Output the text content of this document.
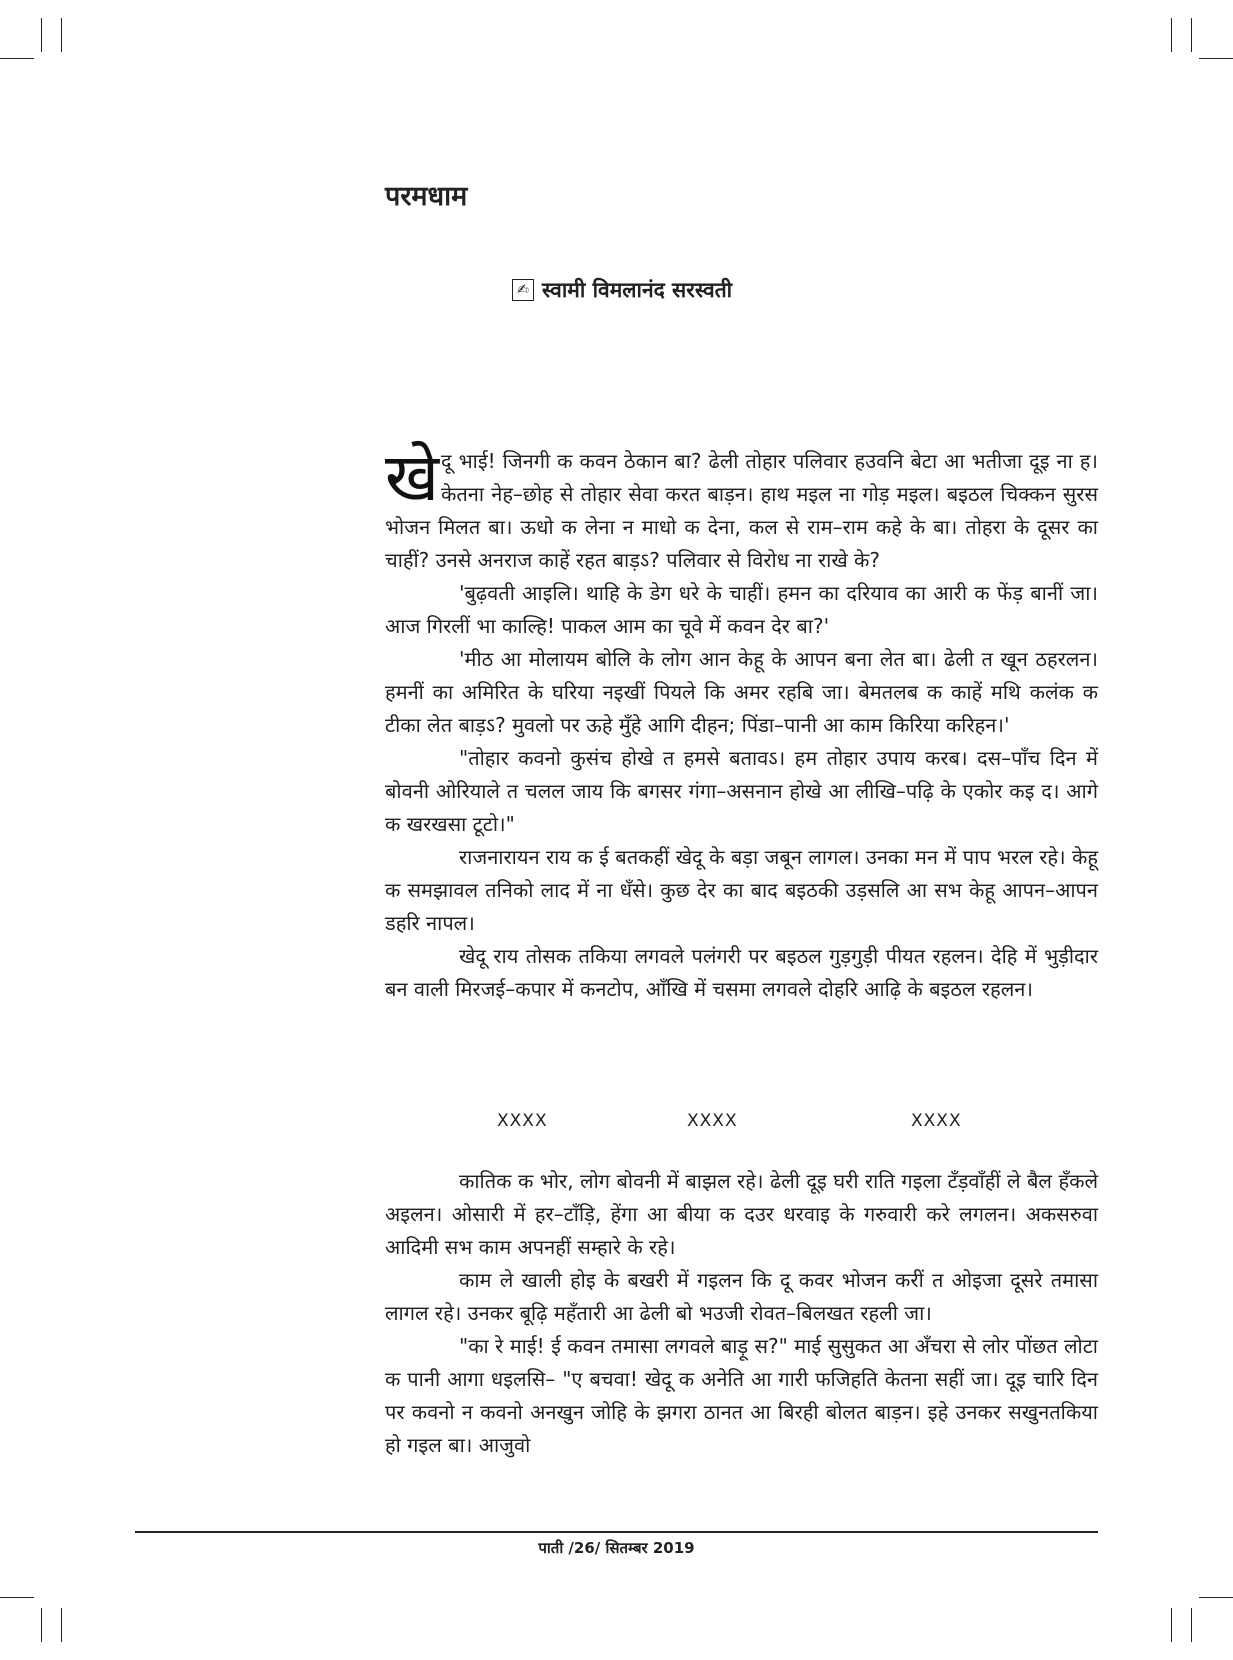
परमधाम
✍ स्वामी विमलानंद सरस्वती

खेदू भाई! जिनगी क कवन ठेकान बा? ढेली तोहार पलिवार हउवनि बेटा आ भतीजा दूइ ना ह। केतना नेह–छोह से तोहार सेवा करत बाड़न। हाथ मइल ना गोड़ मइल। बइठल चिक्कन सुरस भोजन मिलत बा। ऊधो क लेना न माधो क देना, कल से राम–राम कहे के बा। तोहरा के दूसर का चाहीं? उनसे अनराज काहें रहत बाड़ऽ? पलिवार से विरोध ना राखे के?

'बुढ़वती आइलि। थाहि के डेग धरे के चाहीं। हमन का दरियाव का आरी क फेंड़ बानीं जा। आज गिरलीं भा काल्हि! पाकल आम का चूवे में कवन देर बा?'

'मीठ आ मोलायम बोलि के लोग आन केहू के आपन बना लेत बा। ढेली त खून ठहरलन। हमनीं का अमिरित के घरिया नइखीं पियले कि अमर रहबि जा। बेमतलब क काहें मथि कलंक क टीका लेत बाड़ऽ? मुवलो पर ऊहे मुँहे आगि दीहन; पिंडा–पानी आ काम किरिया करिहन।'

"तोहार कवनो कुसंच होखे त हमसे बतावऽ। हम तोहार उपाय करब। दस–पाँच दिन में बोवनी ओरियाले त चलल जाय कि बगसर गंगा–असनान होखे आ लीखि–पढ़ि के एकोर कइ द। आगे क खरखसा टूटो।"

राजनारायन राय क ई बतकहीं खेदू के बड़ा जबून लागल। उनका मन में पाप भरल रहे। केहू क समझावल तनिको लाद में ना धँसे। कुछ देर का बाद बइठकी उड़सलि आ सभ केहू आपन–आपन डहरि नापल।

खेदू राय तोसक तकिया लगवले पलंगरी पर बइठल गुड़गुड़ी पीयत रहलन। देहि में भुड़ीदार बन वाली मिरजई–कपार में कनटोप, आँखि में चसमा लगवले दोहरि आढ़ि के बइठल रहलन।

XXXX	XXXX	XXXX

कातिक क भोर, लोग बोवनी में बाझल रहे। ढेली दूइ घरी राति गइला टँड़वाँहीं ले बैल हँकले अइलन। ओसारी में हर–टाँड़ि, हेंगा आ बीया क दउर धरवाइ के गरुवारी करे लगलन। अकसरुवा आदिमी सभ काम अपनहीं सम्हारे के रहे।

काम ले खाली होइ के बखरी में गइलन कि दू कवर भोजन करीं त ओइजा दूसरे तमासा लागल रहे। उनकर बूढ़ि महँतारी आ ढेली बो भउजी रोवत–बिलखत रहली जा।

"का रे माई! ई कवन तमासा लगवले बाड़ू स?" माई सुसुकत आ अँचरा से लोर पोंछत लोटा क पानी आगा धइलसि– "ए बचवा! खेदू क अनेति आ गारी फजिहति केतना सहीं जा। दूइ चारि दिन पर कवनो न कवनो अनखुन जोहि के झगरा ठानत आ बिरही बोलत बाड़न। इहे उनकर सखुनतकिया हो गइल बा। आजुवो

पाती /26/ सितम्बर 2019
